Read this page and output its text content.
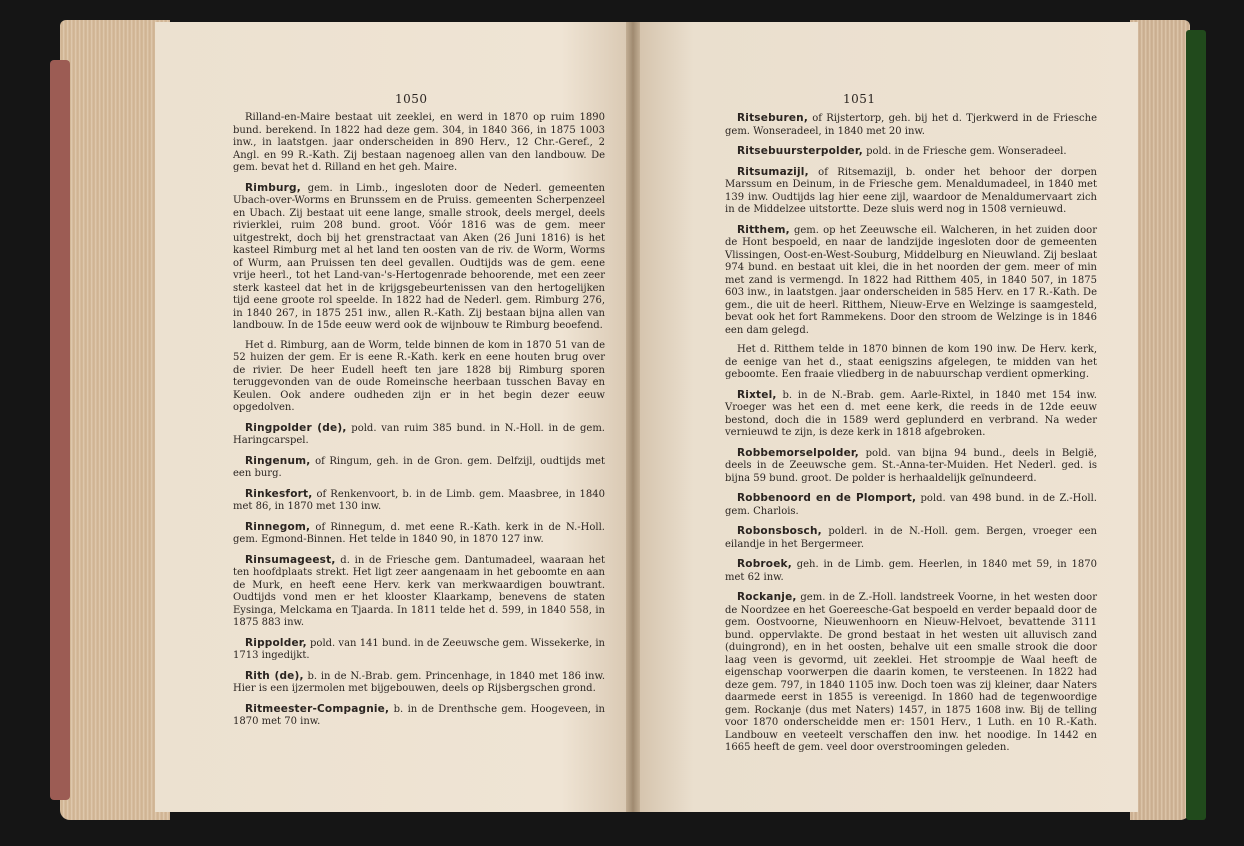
1050

Rilland-en-Maire bestaat uit zeeklei, en werd in 1870 op ruim 1890 bund. berekend. In 1822 had deze gem. 304, in 1840 366, in 1875 1003 inw., in laatstgen. jaar onderscheiden in 890 Herv., 12 Chr.-Geref., 2 Angl. en 99 R.-Kath. Zij bestaan nagenoeg allen van den landbouw. De gem. bevat het d. Rilland en het geh. Maire.

Rimburg, gem. in Limb., ingesloten door de Nederl. gemeenten Ubach-over-Worms en Brunssem en de Pruiss. gemeenten Scherpenzeel en Ubach. Zij bestaat uit eene lange, smalle strook, deels mergel, deels rivierklei, ruim 208 bund. groot. Vóór 1816 was de gem. meer uitgestrekt, doch bij het grenstractaat van Aken (26 Juni 1816) is het kasteel Rimburg met al het land ten oosten van de riv. de Worm, Worms of Wurm, aan Pruissen ten deel gevallen. Oudtijds was de gem. eene vrije heerl., tot het Land-van-'s-Hertogenrade behoorende, met een zeer sterk kasteel dat het in de krijgsgebeurtenissen van den hertogelijken tijd eene groote rol speelde. In 1822 had de Nederl. gem. Rimburg 276, in 1840 267, in 1875 251 inw., allen R.-Kath. Zij bestaan bijna allen van landbouw. In de 15de eeuw werd ook de wijnbouw te Rimburg beoefend.

Het d. Rimburg, aan de Worm, telde binnen de kom in 1870 51 van de 52 huizen der gem. Er is eene R.-Kath. kerk en eene houten brug over de rivier. De heer Eudell heeft ten jare 1828 bij Rimburg sporen teruggevonden van de oude Romeinsche heerbaan tusschen Bavay en Keulen. Ook andere oudheden zijn er in het begin dezer eeuw opgedolven.

Ringpolder (de), pold. van ruim 385 bund. in N.-Holl. in de gem. Haringcarspel.

Ringenum, of Ringum, geh. in de Gron. gem. Delfzijl, oudtijds met een burg.

Rinkesfort, of Renkenvoort, b. in de Limb. gem. Maasbree, in 1840 met 86, in 1870 met 130 inw.

Rinnegom, of Rinnegum, d. met eene R.-Kath. kerk in de N.-Holl. gem. Egmond-Binnen. Het telde in 1840 90, in 1870 127 inw.

Rinsumageest, d. in de Friesche gem. Dantumadeel, waaraan het ten hoofdplaats strekt. Het ligt zeer aangenaam in het geboomte en aan de Murk, en heeft eene Herv. kerk van merkwaardigen bouwtrant. Oudtijds vond men er het klooster Klaarkamp, benevens de staten Eysinga, Melckama en Tjaarda. In 1811 telde het d. 599, in 1840 558, in 1875 883 inw.

Rippolder, pold. van 141 bund. in de Zeeuwsche gem. Wissekerke, in 1713 ingedijkt.

Rith (de), b. in de N.-Brab. gem. Princenhage, in 1840 met 186 inw. Hier is een ijzermolen met bijgebouwen, deels op Rijsbergschen grond.

Ritmeester-Compagnie, b. in de Drenthsche gem. Hoogeveen, in 1870 met 70 inw.

1051

Ritseburen, of Rijstertorp, geh. bij het d. Tjerkwerd in de Friesche gem. Wonseradeel, in 1840 met 20 inw.

Ritsebuursterpolder, pold. in de Friesche gem. Wonseradeel.

Ritsumazijl, of Ritsemazijl, b. onder het behoor der dorpen Marssum en Deinum, in de Friesche gem. Menaldumadeel, in 1840 met 139 inw. Oudtijds lag hier eene zijl, waardoor de Menaldumervaart zich in de Middelzee uitstortte. Deze sluis werd nog in 1508 vernieuwd.

Ritthem, gem. op het Zeeuwsche eil. Walcheren, in het zuiden door de Hont bespoeld, en naar de landzijde ingesloten door de gemeenten Vlissingen, Oost-en-West-Souburg, Middelburg en Nieuwland. Zij beslaat 974 bund. en bestaat uit klei, die in het noorden der gem. meer of min met zand is vermengd. In 1822 had Ritthem 405, in 1840 507, in 1875 603 inw., in laatstgen. jaar onderscheiden in 585 Herv. en 17 R.-Kath. De gem., die uit de heerl. Ritthem, Nieuw-Erve en Welzinge is saamgesteld, bevat ook het fort Rammekens. Door den stroom de Welzinge is in 1846 een dam gelegd.

Het d. Ritthem telde in 1870 binnen de kom 190 inw. De Herv. kerk, de eenige van het d., staat eenigszins afgelegen, te midden van het geboomte. Een fraaie vliedberg in de nabuurschap verdient opmerking.

Rixtel, b. in de N.-Brab. gem. Aarle-Rixtel, in 1840 met 154 inw. Vroeger was het een d. met eene kerk, die reeds in de 12de eeuw bestond, doch die in 1589 werd geplunderd en verbrand. Na weder vernieuwd te zijn, is deze kerk in 1818 afgebroken.

Robbemorselpolder, pold. van bijna 94 bund., deels in België, deels in de Zeeuwsche gem. St.-Anna-ter-Muiden. Het Nederl. ged. is bijna 59 bund. groot. De polder is herhaaldelijk geïnundeerd.

Robbenoord en de Plomport, pold. van 498 bund. in de Z.-Holl. gem. Charlois.

Robonsbosch, polderl. in de N.-Holl. gem. Bergen, vroeger een eilandje in het Bergermeer.

Robroek, geh. in de Limb. gem. Heerlen, in 1840 met 59, in 1870 met 62 inw.

Rockanje, gem. in de Z.-Holl. landstreek Voorne, in het westen door de Noordzee en het Goereesche-Gat bespoeld en verder bepaald door de gem. Oostvoorne, Nieuwenhoorn en Nieuw-Helvoet, bevattende 3111 bund. oppervlakte. De grond bestaat in het westen uit alluvisch zand (duingrond), en in het oosten, behalve uit een smalle strook die door laag veen is gevormd, uit zeeklei. Het stroompje de Waal heeft de eigenschap voorwerpen die daarin komen, te versteenen. In 1822 had deze gem. 797, in 1840 1105 inw. Doch toen was zij kleiner, daar Naters daarmede eerst in 1855 is vereenigd. In 1860 had de tegenwoordige gem. Rockanje (dus met Naters) 1457, in 1875 1608 inw. Bij de telling voor 1870 onderscheidde men er: 1501 Herv., 1 Luth. en 10 R.-Kath. Landbouw en veeteelt verschaffen den inw. het noodige. In 1442 en 1665 heeft de gem. veel door overstroomingen geleden.
